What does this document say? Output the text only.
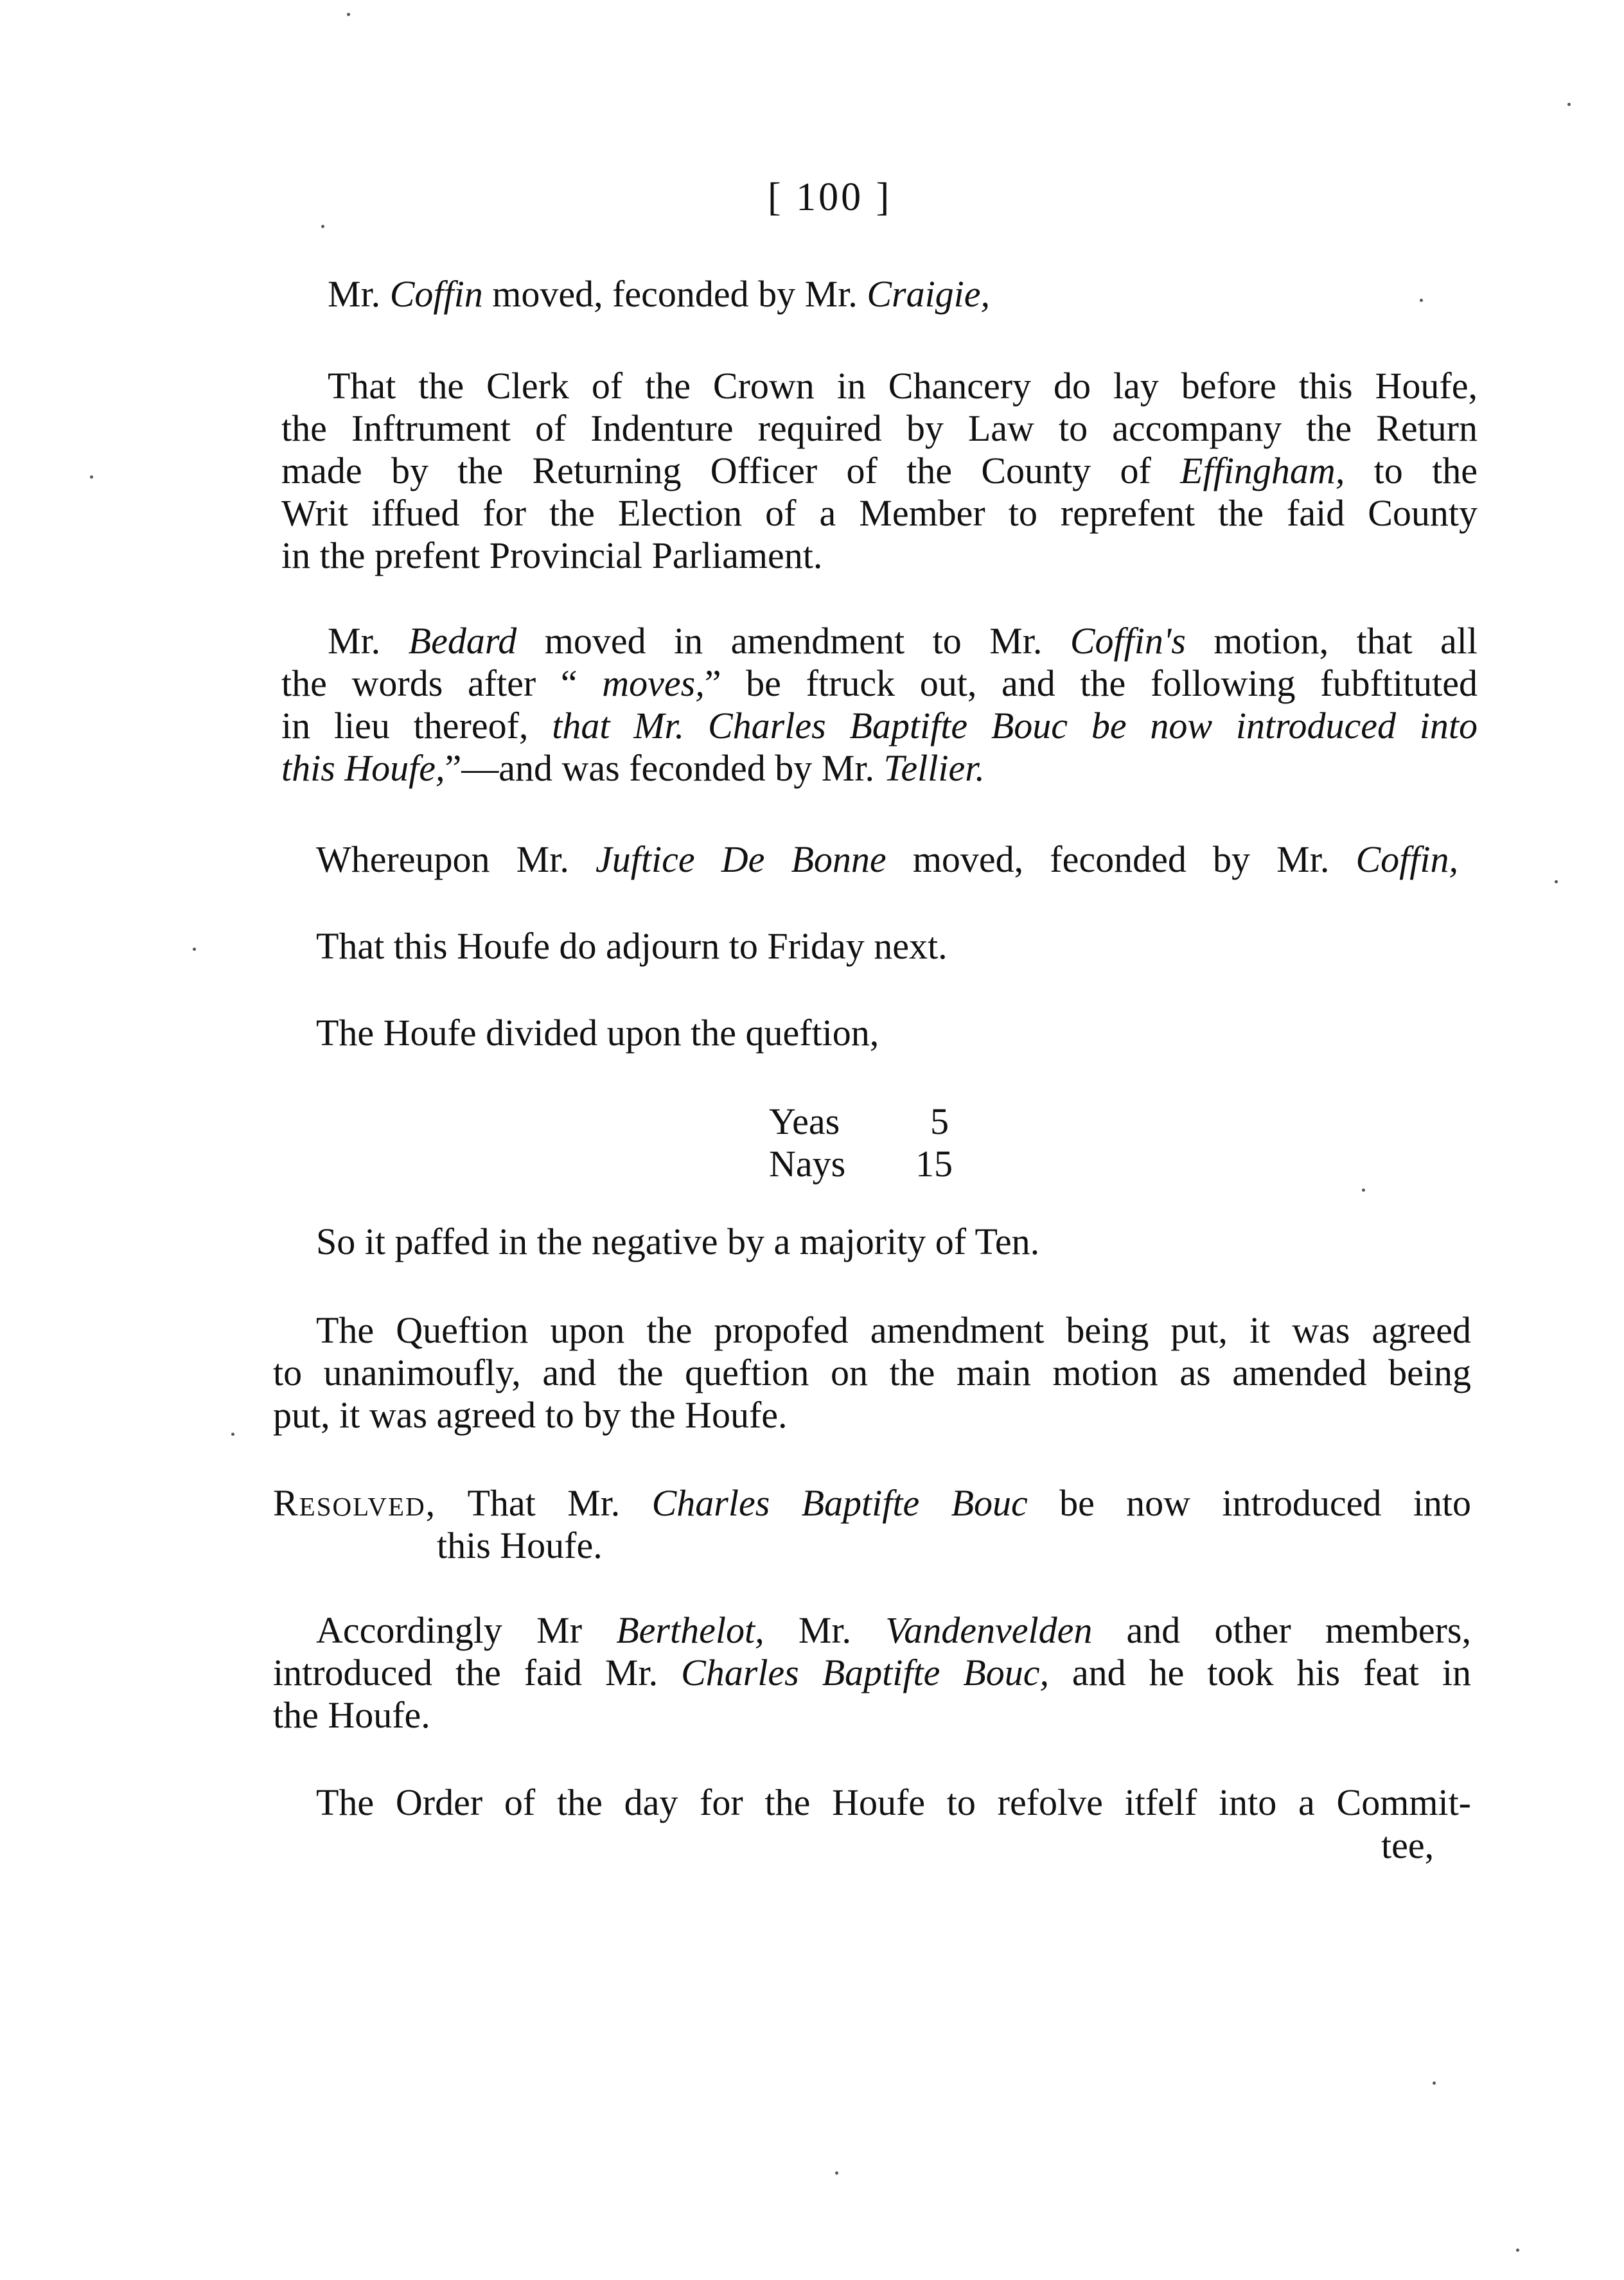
[ 100 ]
Mr. Coffin moved, feconded by Mr. Craigie,
That the Clerk of the Crown in Chancery do lay before this Houfe,
the Inftrument of Indenture required by Law to accompany the Return
made by the Returning Officer of the County of Effingham, to the
Writ iffued for the Election of a Member to reprefent the faid County
in the prefent Provincial Parliament.
Mr. Bedard moved in amendment to Mr. Coffin's motion, that all
the words after “ moves,” be ftruck out, and the following fubftituted
in lieu thereof, that Mr. Charles Baptifte Bouc be now introduced into
this Houfe,”—and was feconded by Mr. Tellier.
Whereupon Mr. Juftice De Bonne moved, feconded by Mr. Coffin,
That this Houfe do adjourn to Friday next.
The Houfe divided upon the queftion,
Yeas 5
Nays 15
So it paffed in the negative by a majority of Ten.
The Queftion upon the propofed amendment being put, it was agreed
to unanimoufly, and the queftion on the main motion as amended being
put, it was agreed to by the Houfe.
Resolved, That Mr. Charles Baptifte Bouc be now introduced into
this Houfe.
Accordingly Mr Berthelot, Mr. Vandenvelden and other members,
introduced the faid Mr. Charles Baptifte Bouc, and he took his feat in
the Houfe.
The Order of the day for the Houfe to refolve itfelf into a Commit-
tee,
